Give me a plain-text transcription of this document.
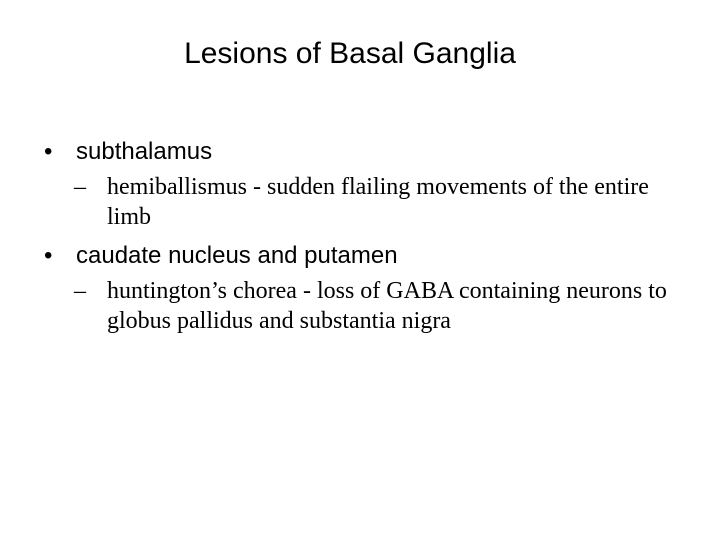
Lesions of Basal Ganglia
• subthalamus
– hemiballismus - sudden flailing movements of the entire limb
• caudate nucleus and putamen
– huntington’s chorea - loss of GABA containing neurons to globus pallidus and substantia nigra
